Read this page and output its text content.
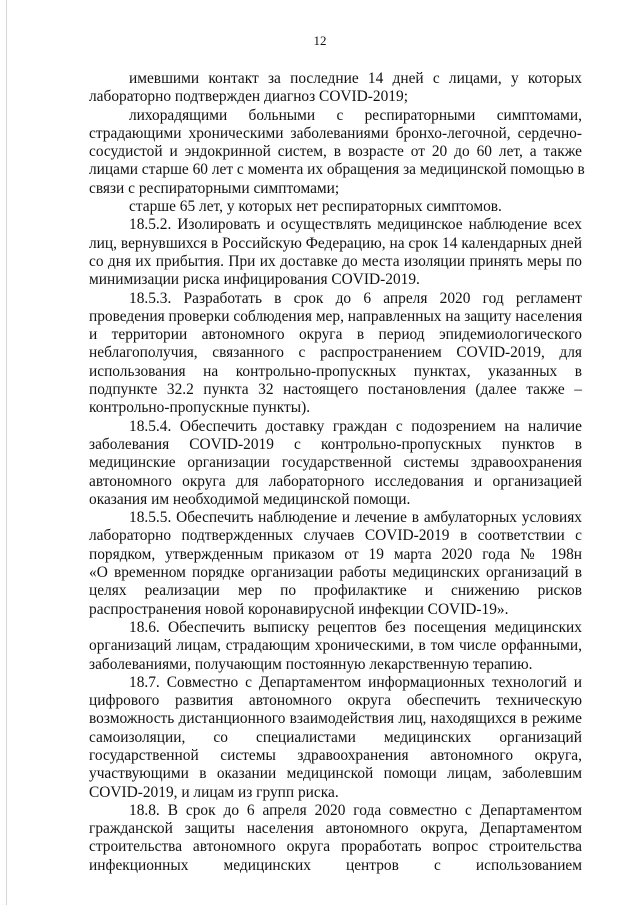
12
имевшими контакт за последние 14 дней с лицами, у которых
лабораторно подтвержден диагноз COVID-2019;
лихорадящими больными с респираторными симптомами,
страдающими хроническими заболеваниями бронхо-легочной, сердечно-
сосудистой и эндокринной систем, в возрасте от 20 до 60 лет, а также
лицами старше 60 лет с момента их обращения за медицинской помощью в
связи с респираторными симптомами;
старше 65 лет, у которых нет респираторных симптомов.
18.5.2. Изолировать и осуществлять медицинское наблюдение всех
лиц, вернувшихся в Российскую Федерацию, на срок 14 календарных дней
со дня их прибытия. При их доставке до места изоляции принять меры по
минимизации риска инфицирования COVID-2019.
18.5.3. Разработать в срок до 6 апреля 2020 год регламент
проведения проверки соблюдения мер, направленных на защиту населения
и территории автономного округа в период эпидемиологического
неблагополучия, связанного с распространением COVID-2019, для
использования на контрольно-пропускных пунктах, указанных в
подпункте 32.2 пункта 32 настоящего постановления (далее также –
контрольно-пропускные пункты).
18.5.4. Обеспечить доставку граждан с подозрением на наличие
заболевания COVID-2019 с контрольно-пропускных пунктов в
медицинские организации государственной системы здравоохранения
автономного округа для лабораторного исследования и организацией
оказания им необходимой медицинской помощи.
18.5.5. Обеспечить наблюдение и лечение в амбулаторных условиях
лабораторно подтвержденных случаев COVID-2019 в соответствии с
порядком, утвержденным приказом от 19 марта 2020 года № 198н
«О временном порядке организации работы медицинских организаций в
целях реализации мер по профилактике и снижению рисков
распространения новой коронавирусной инфекции COVID-19».
18.6. Обеспечить выписку рецептов без посещения медицинских
организаций лицам, страдающим хроническими, в том числе орфанными,
заболеваниями, получающим постоянную лекарственную терапию.
18.7. Совместно с Департаментом информационных технологий и
цифрового развития автономного округа обеспечить техническую
возможность дистанционного взаимодействия лиц, находящихся в режиме
самоизоляции, со специалистами медицинских организаций
государственной системы здравоохранения автономного округа,
участвующими в оказании медицинской помощи лицам, заболевшим
COVID-2019, и лицам из групп риска.
18.8. В срок до 6 апреля 2020 года совместно с Департаментом
гражданской защиты населения автономного округа, Департаментом
строительства автономного округа проработать вопрос строительства
инфекционных медицинских центров с использованием
